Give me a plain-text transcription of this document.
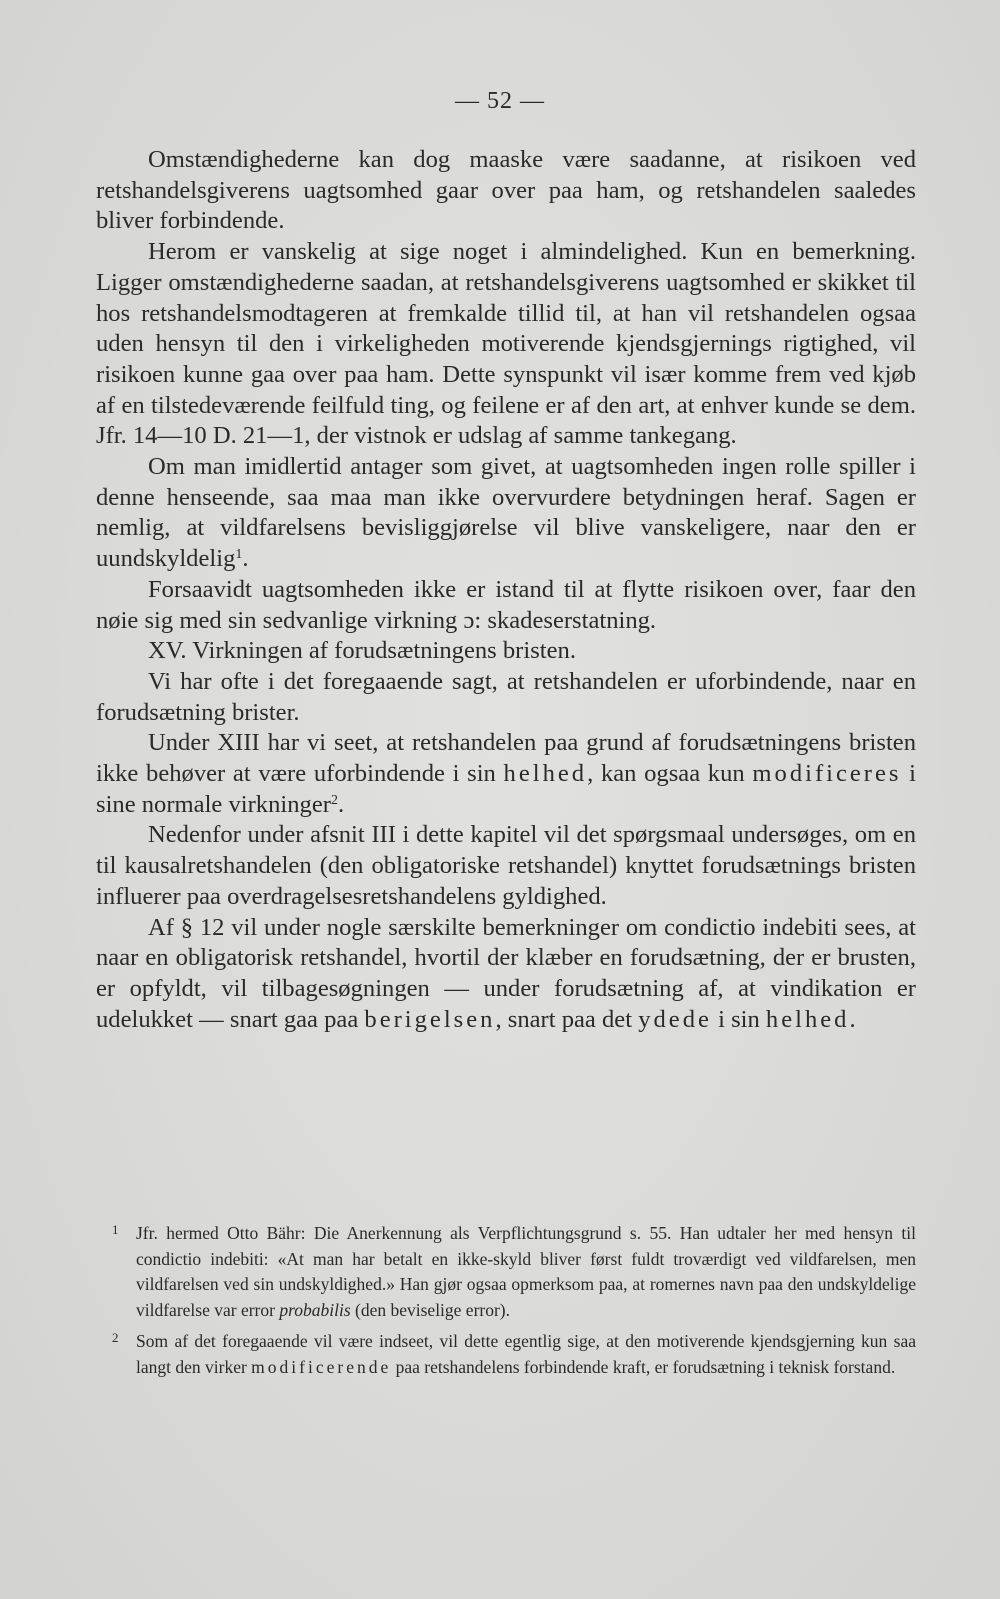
— 52 —

Omstændighederne kan dog maaske være saadanne, at risikoen ved retshandelsgiverens uagtsomhed gaar over paa ham, og retshandelen saaledes bliver forbindende.

Herom er vanskelig at sige noget i almindelighed. Kun en bemerkning. Ligger omstændighederne saadan, at retshandelsgiverens uagtsomhed er skikket til hos retshandelsmodtageren at fremkalde tillid til, at han vil retshandelen ogsaa uden hensyn til den i virkeligheden motiverende kjendsgjernings rigtighed, vil risikoen kunne gaa over paa ham. Dette synspunkt vil især komme frem ved kjøb af en tilstedeværende feilfuld ting, og feilene er af den art, at enhver kunde se dem. Jfr. 14—10 D. 21—1, der vistnok er udslag af samme tankegang.

Om man imidlertid antager som givet, at uagtsomheden ingen rolle spiller i denne henseende, saa maa man ikke overvurdere betydningen heraf. Sagen er nemlig, at vildfarelsens bevisliggjørelse vil blive vanskeligere, naar den er uundskyldelig$^1$.

Forsaavidt uagtsomheden ikke er istand til at flytte risikoen over, faar den nøie sig med sin sedvanlige virkning ɔ: skadeserstatning.

XV. Virkningen af forudsætningens bristen.

Vi har ofte i det foregaaende sagt, at retshandelen er uforbindende, naar en forudsætning brister.

Under XIII har vi seet, at retshandelen paa grund af forudsætningens bristen ikke behøver at være uforbindende i sin helhed, kan ogsaa kun modificeres i sine normale virkninger$^2$.

Nedenfor under afsnit III i dette kapitel vil det spørgsmaal undersøges, om en til kausalretshandelen (den obligatoriske retshandel) knyttet forudsætnings bristen influerer paa overdragelsesretshandelens gyldighed.

Af § 12 vil under nogle særskilte bemerkninger om condictio indebiti sees, at naar en obligatorisk retshandel, hvortil der klæber en forudsætning, der er brusten, er opfyldt, vil tilbagesøgningen — under forudsætning af, at vindikation er udelukket — snart gaa paa berigelsen, snart paa det ydede i sin helhed.

1 Jfr. hermed Otto Bähr: Die Anerkennung als Verpflichtungsgrund s. 55. Han udtaler her med hensyn til condictio indebiti: «At man har betalt en ikke-skyld bliver først fuldt troværdigt ved vildfarelsen, men vildfarelsen ved sin undskyldighed.» Han gjør ogsaa opmerksom paa, at romernes navn paa den undskyldelige vildfarelse var error probabilis (den beviselige error).
2 Som af det foregaaende vil være indseet, vil dette egentlig sige, at den motiverende kjendsgjerning kun saa langt den virker modificerende paa retshandelens forbindende kraft, er forudsætning i teknisk forstand.
